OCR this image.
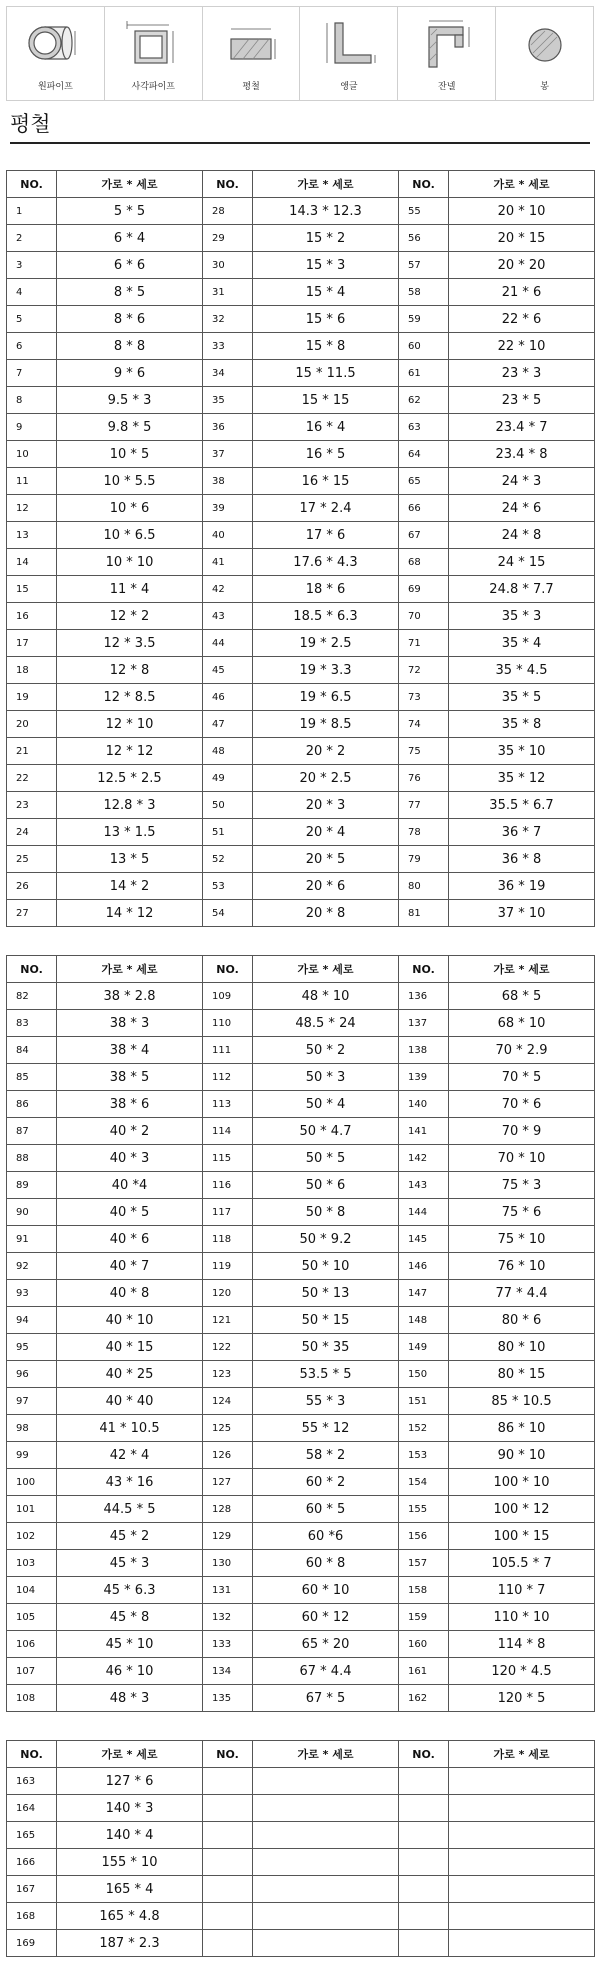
원파이프	사각파이프	평철	앵글	잔넬	봉
평철
NO.	가로 * 세로	NO.	가로 * 세로	NO.	가로 * 세로
1	5 * 5	28	14.3 * 12.3	55	20 * 10
2	6 * 4	29	15 * 2	56	20 * 15
3	6 * 6	30	15 * 3	57	20 * 20
4	8 * 5	31	15 * 4	58	21 * 6
5	8 * 6	32	15 * 6	59	22 * 6
6	8 * 8	33	15 * 8	60	22 * 10
7	9 * 6	34	15 * 11.5	61	23 * 3
8	9.5 * 3	35	15 * 15	62	23 * 5
9	9.8 * 5	36	16 * 4	63	23.4 * 7
10	10 * 5	37	16 * 5	64	23.4 * 8
11	10 * 5.5	38	16 * 15	65	24 * 3
12	10 * 6	39	17 * 2.4	66	24 * 6
13	10 * 6.5	40	17 * 6	67	24 * 8
14	10 * 10	41	17.6 * 4.3	68	24 * 15
15	11 * 4	42	18 * 6	69	24.8 * 7.7
16	12 * 2	43	18.5 * 6.3	70	35 * 3
17	12 * 3.5	44	19 * 2.5	71	35 * 4
18	12 * 8	45	19 * 3.3	72	35 * 4.5
19	12 * 8.5	46	19 * 6.5	73	35 * 5
20	12 * 10	47	19 * 8.5	74	35 * 8
21	12 * 12	48	20 * 2	75	35 * 10
22	12.5 * 2.5	49	20 * 2.5	76	35 * 12
23	12.8 * 3	50	20 * 3	77	35.5 * 6.7
24	13 * 1.5	51	20 * 4	78	36 * 7
25	13 * 5	52	20 * 5	79	36 * 8
26	14 * 2	53	20 * 6	80	36 * 19
27	14 * 12	54	20 * 8	81	37 * 10
NO.	가로 * 세로	NO.	가로 * 세로	NO.	가로 * 세로
82	38 * 2.8	109	48 * 10	136	68 * 5
83	38 * 3	110	48.5 * 24	137	68 * 10
84	38 * 4	111	50 * 2	138	70 * 2.9
85	38 * 5	112	50 * 3	139	70 * 5
86	38 * 6	113	50 * 4	140	70 * 6
87	40 * 2	114	50 * 4.7	141	70 * 9
88	40 * 3	115	50 * 5	142	70 * 10
89	40 *4	116	50 * 6	143	75 * 3
90	40 * 5	117	50 * 8	144	75 * 6
91	40 * 6	118	50 * 9.2	145	75 * 10
92	40 * 7	119	50 * 10	146	76 * 10
93	40 * 8	120	50 * 13	147	77 * 4.4
94	40 * 10	121	50 * 15	148	80 * 6
95	40 * 15	122	50 * 35	149	80 * 10
96	40 * 25	123	53.5 * 5	150	80 * 15
97	40 * 40	124	55 * 3	151	85 * 10.5
98	41 * 10.5	125	55 * 12	152	86 * 10
99	42 * 4	126	58 * 2	153	90 * 10
100	43 * 16	127	60 * 2	154	100 * 10
101	44.5 * 5	128	60 * 5	155	100 * 12
102	45 * 2	129	60 *6	156	100 * 15
103	45 * 3	130	60 * 8	157	105.5 * 7
104	45 * 6.3	131	60 * 10	158	110 * 7
105	45 * 8	132	60 * 12	159	110 * 10
106	45 * 10	133	65 * 20	160	114 * 8
107	46 * 10	134	67 * 4.4	161	120 * 4.5
108	48 * 3	135	67 * 5	162	120 * 5
NO.	가로 * 세로	NO.	가로 * 세로	NO.	가로 * 세로
163	127 * 6				
164	140 * 3				
165	140 * 4				
166	155 * 10				
167	165 * 4				
168	165 * 4.8				
169	187 * 2.3				
